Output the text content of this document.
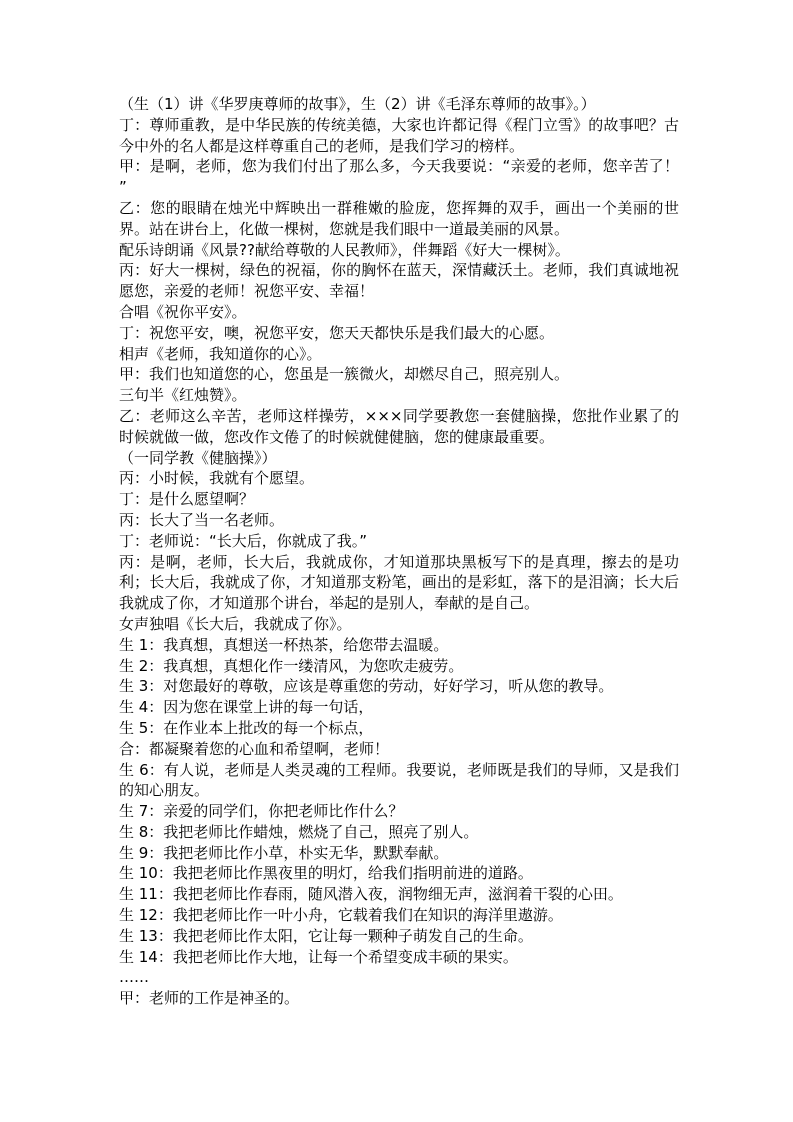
（生（1）讲《华罗庚尊师的故事》，生（2）讲《毛泽东尊师的故事》。）

丁：尊师重教，是中华民族的传统美德，大家也许都记得《程门立雪》的故事吧？古今中外的名人都是这样尊重自己的老师，是我们学习的榜样。

甲：是啊，老师，您为我们付出了那么多，今天我要说：“亲爱的老师，您辛苦了！ ”

乙：您的眼睛在烛光中辉映出一群稚嫩的脸庞，您挥舞的双手，画出一个美丽的世界。站在讲台上，化做一棵树，您就是我们眼中一道最美丽的风景。

配乐诗朗诵《风景??献给尊敬的人民教师》，伴舞蹈《好大一棵树》。

丙：好大一棵树，绿色的祝福，你的胸怀在蓝天，深情藏沃土。老师，我们真诚地祝愿您，亲爱的老师！祝您平安、幸福！

合唱《祝你平安》。

丁：祝您平安，噢，祝您平安，您天天都快乐是我们最大的心愿。

相声《老师，我知道你的心》。

甲：我们也知道您的心，您虽是一簇微火，却燃尽自己，照亮别人。

三句半《红烛赞》。

乙：老师这么辛苦，老师这样操劳，×××同学要教您一套健脑操，您批作业累了的时候就做一做，您改作文倦了的时候就健健脑，您的健康最重要。

（一同学教《健脑操》）

丙：小时候，我就有个愿望。

丁：是什么愿望啊？

丙：长大了当一名老师。

丁：老师说：“长大后，你就成了我。”

丙：是啊，老师，长大后，我就成你，才知道那块黑板写下的是真理，擦去的是功利；长大后，我就成了你，才知道那支粉笔，画出的是彩虹，落下的是泪滴；长大后我就成了你，才知道那个讲台，举起的是别人，奉献的是自己。

女声独唱《长大后，我就成了你》。

生 1：我真想，真想送一杯热茶，给您带去温暖。

生 2：我真想，真想化作一缕清风，为您吹走疲劳。

生 3：对您最好的尊敬，应该是尊重您的劳动，好好学习，听从您的教导。

生 4：因为您在课堂上讲的每一句话，

生 5：在作业本上批改的每一个标点，

合：都凝聚着您的心血和希望啊，老师！

生 6：有人说，老师是人类灵魂的工程师。我要说，老师既是我们的导师，又是我们的知心朋友。

生 7：亲爱的同学们，你把老师比作什么？

生 8：我把老师比作蜡烛，燃烧了自己，照亮了别人。

生 9：我把老师比作小草，朴实无华，默默奉献。

生 10：我把老师比作黑夜里的明灯，给我们指明前进的道路。

生 11：我把老师比作春雨，随风潜入夜，润物细无声，滋润着干裂的心田。

生 12：我把老师比作一叶小舟，它载着我们在知识的海洋里遨游。

生 13：我把老师比作太阳，它让每一颗种子萌发自己的生命。

生 14：我把老师比作大地，让每一个希望变成丰硕的果实。

……

甲：老师的工作是神圣的。
